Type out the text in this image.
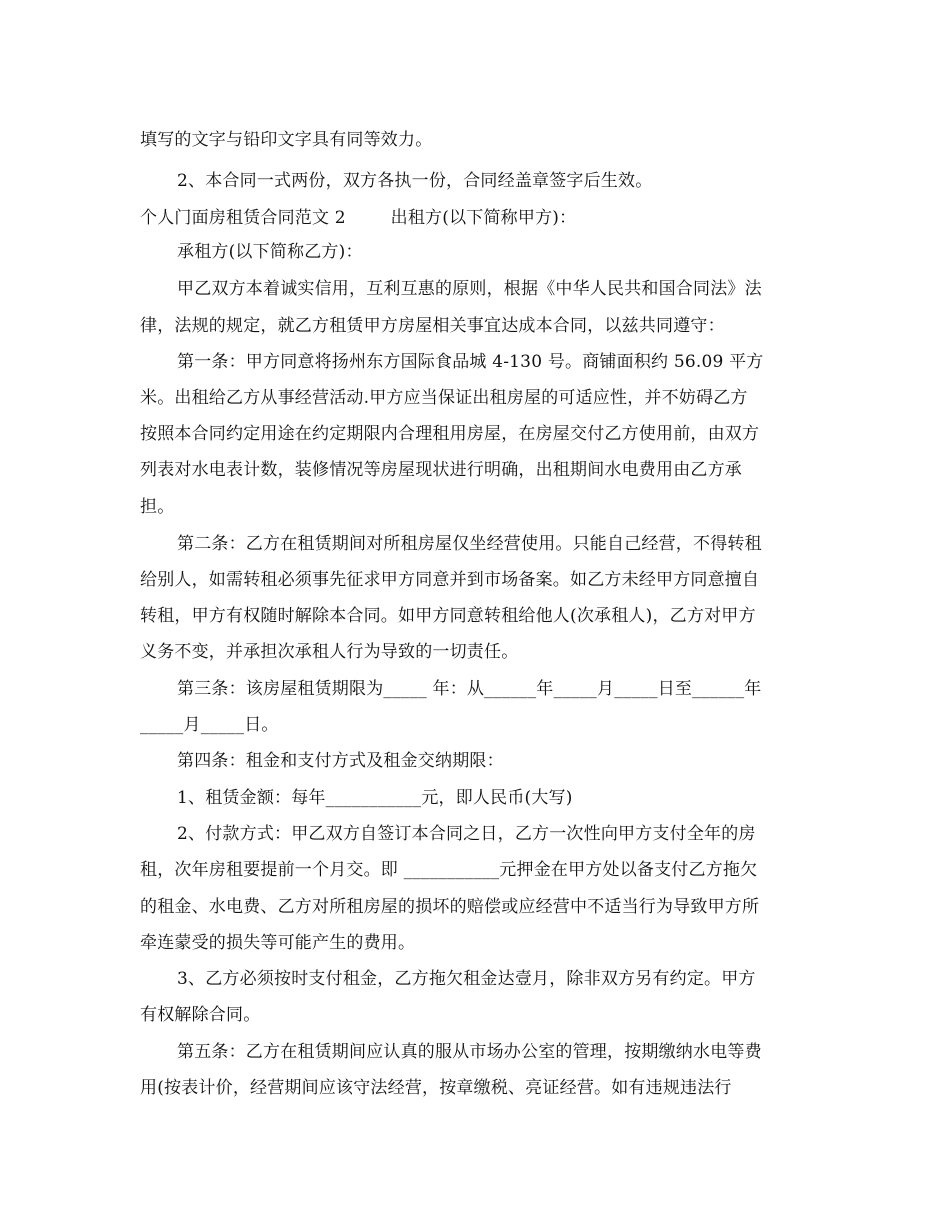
填写的文字与铅印文字具有同等效力。
2、本合同一式两份，双方各执一份，合同经盖章签字后生效。
个人门面房租赁合同范文 2        出租方(以下简称甲方)：
承租方(以下简称乙方)：
甲乙双方本着诚实信用，互利互惠的原则，根据《中华人民共和国合同法》法
律，法规的规定，就乙方租赁甲方房屋相关事宜达成本合同，以兹共同遵守：
第一条：甲方同意将扬州东方国际食品城 4-130 号。商铺面积约 56.09 平方
米。出租给乙方从事经营活动.甲方应当保证出租房屋的可适应性，并不妨碍乙方
按照本合同约定用途在约定期限内合理租用房屋，在房屋交付乙方使用前，由双方
列表对水电表计数，装修情况等房屋现状进行明确，出租期间水电费用由乙方承
担。
第二条：乙方在租赁期间对所租房屋仅坐经营使用。只能自己经营，不得转租
给别人，如需转租必须事先征求甲方同意并到市场备案。如乙方未经甲方同意擅自
转租，甲方有权随时解除本合同。如甲方同意转租给他人(次承租人)，乙方对甲方
义务不变，并承担次承租人行为导致的一切责任。
第三条：该房屋租赁期限为_____ 年：从______年_____月_____日至______年
_____月_____日。
第四条：租金和支付方式及租金交纳期限：
1、租赁金额：每年___________元，即人民币(大写)
2、付款方式：甲乙双方自签订本合同之日，乙方一次性向甲方支付全年的房
租，次年房租要提前一个月交。即 ___________元押金在甲方处以备支付乙方拖欠
的租金、水电费、乙方对所租房屋的损坏的赔偿或应经营中不适当行为导致甲方所
牵连蒙受的损失等可能产生的费用。
3、乙方必须按时支付租金，乙方拖欠租金达壹月，除非双方另有约定。甲方
有权解除合同。
第五条：乙方在租赁期间应认真的服从市场办公室的管理，按期缴纳水电等费
用(按表计价，经营期间应该守法经营，按章缴税、亮证经营。如有违规违法行
